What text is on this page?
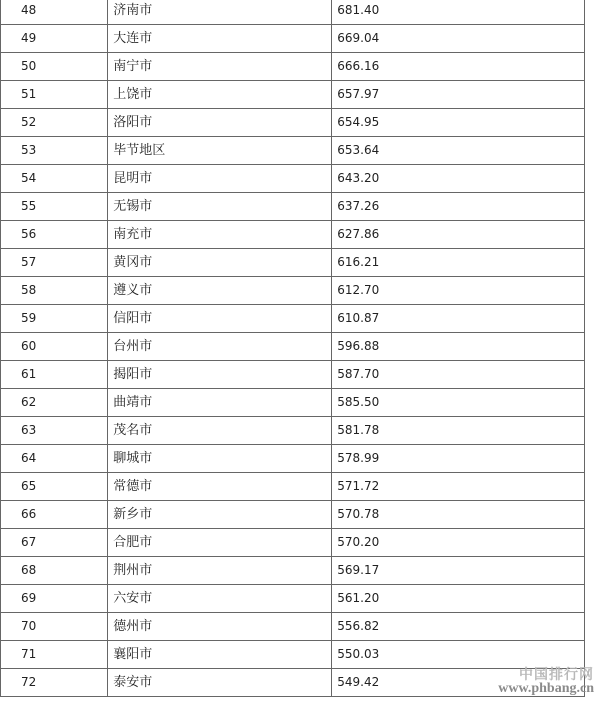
48	济南市	681.40
49	大连市	669.04
50	南宁市	666.16
51	上饶市	657.97
52	洛阳市	654.95
53	毕节地区	653.64
54	昆明市	643.20
55	无锡市	637.26
56	南充市	627.86
57	黄冈市	616.21
58	遵义市	612.70
59	信阳市	610.87
60	台州市	596.88
61	揭阳市	587.70
62	曲靖市	585.50
63	茂名市	581.78
64	聊城市	578.99
65	常德市	571.72
66	新乡市	570.78
67	合肥市	570.20
68	荆州市	569.17
69	六安市	561.20
70	德州市	556.82
71	襄阳市	550.03
72	泰安市	549.42	中国排行网
www.phbang.cn
